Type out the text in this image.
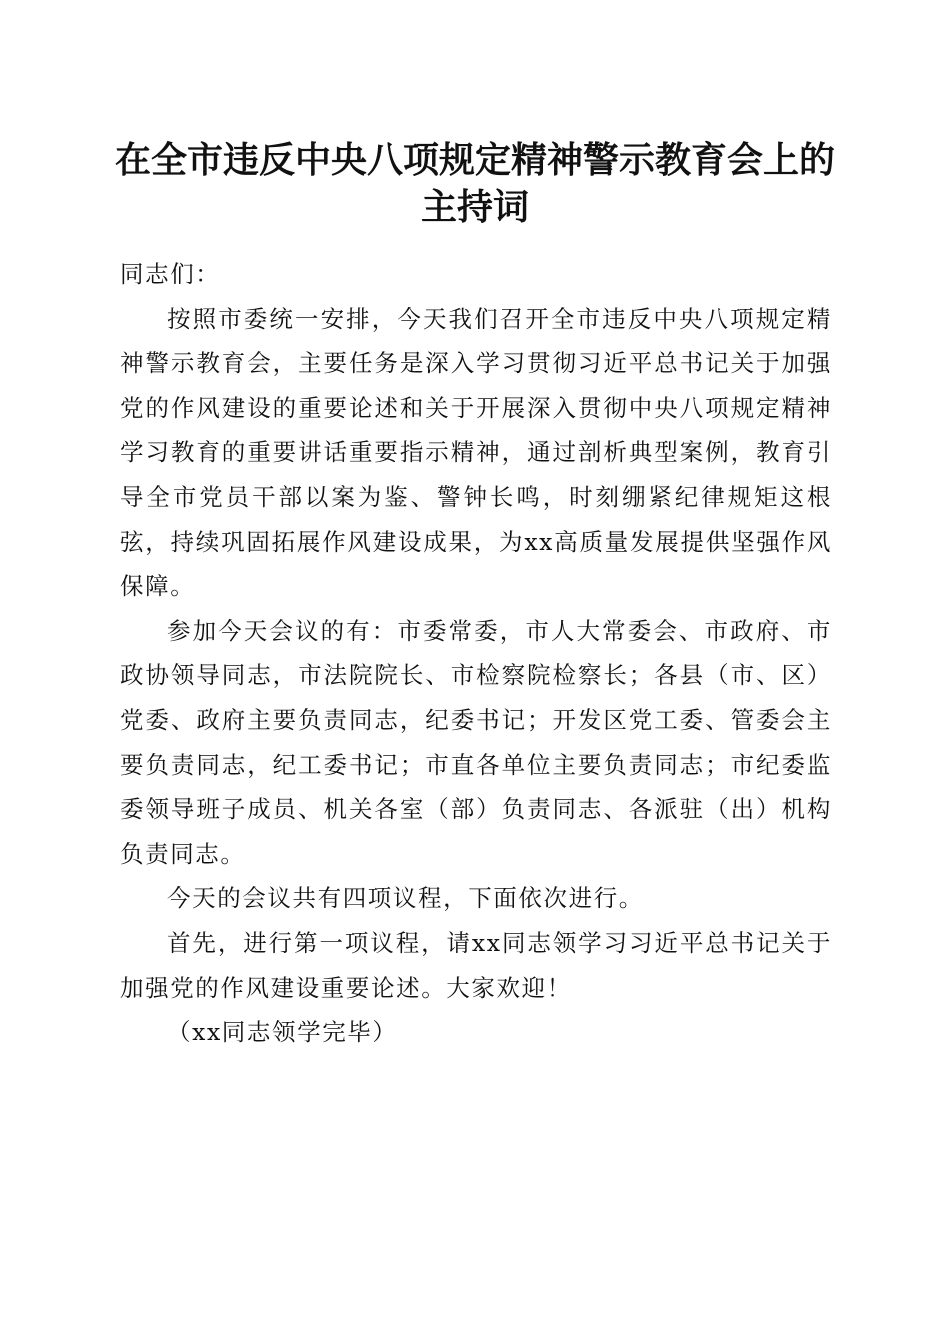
在全市违反中央八项规定精神警示教育会上的
主持词

同志们：

按照市委统一安排，今天我们召开全市违反中央八项规定精神警示教育会，主要任务是深入学习贯彻习近平总书记关于加强党的作风建设的重要论述和关于开展深入贯彻中央八项规定精神学习教育的重要讲话重要指示精神，通过剖析典型案例，教育引导全市党员干部以案为鉴、警钟长鸣，时刻绷紧纪律规矩这根弦，持续巩固拓展作风建设成果，为xx高质量发展提供坚强作风保障。

参加今天会议的有：市委常委，市人大常委会、市政府、市政协领导同志，市法院院长、市检察院检察长；各县（市、区）党委、政府主要负责同志，纪委书记；开发区党工委、管委会主要负责同志，纪工委书记；市直各单位主要负责同志；市纪委监委领导班子成员、机关各室（部）负责同志、各派驻（出）机构负责同志。

今天的会议共有四项议程，下面依次进行。

首先，进行第一项议程，请xx同志领学习习近平总书记关于加强党的作风建设重要论述。大家欢迎！

（xx同志领学完毕）
